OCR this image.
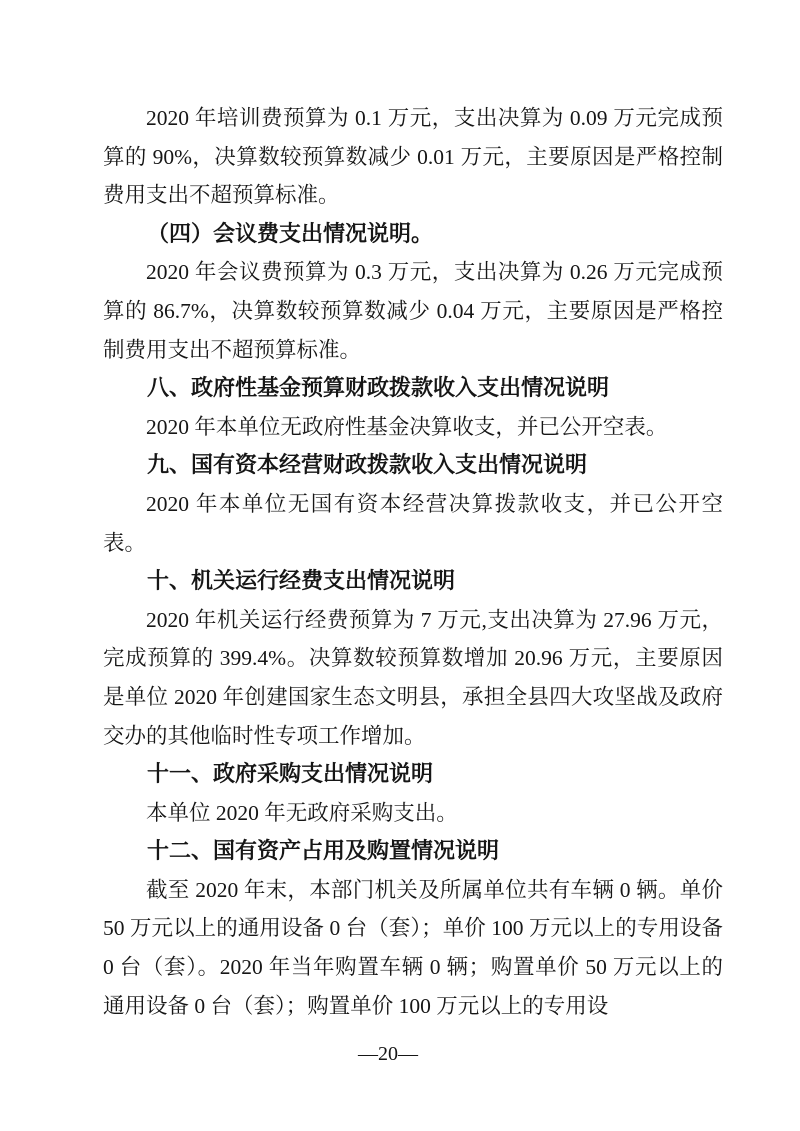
2020 年培训费预算为 0.1 万元，支出决算为 0.09 万元完成预算的 90%，决算数较预算数减少 0.01 万元，主要原因是严格控制费用支出不超预算标准。

（四）会议费支出情况说明。

2020 年会议费预算为 0.3 万元，支出决算为 0.26 万元完成预算的 86.7%，决算数较预算数减少 0.04 万元，主要原因是严格控制费用支出不超预算标准。

八、政府性基金预算财政拨款收入支出情况说明

2020 年本单位无政府性基金决算收支，并已公开空表。

九、国有资本经营财政拨款收入支出情况说明

2020 年本单位无国有资本经营决算拨款收支，并已公开空表。

十、机关运行经费支出情况说明

2020 年机关运行经费预算为 7 万元,支出决算为 27.96 万元，完成预算的 399.4%。决算数较预算数增加 20.96 万元，主要原因是单位 2020 年创建国家生态文明县，承担全县四大攻坚战及政府交办的其他临时性专项工作增加。

十一、政府采购支出情况说明

本单位 2020 年无政府采购支出。

十二、国有资产占用及购置情况说明

截至 2020 年末，本部门机关及所属单位共有车辆 0 辆。单价 50 万元以上的通用设备 0 台（套）；单价 100 万元以上的专用设备 0 台（套）。2020 年当年购置车辆 0 辆；购置单价 50 万元以上的通用设备 0 台（套）；购置单价 100 万元以上的专用设

—20—
